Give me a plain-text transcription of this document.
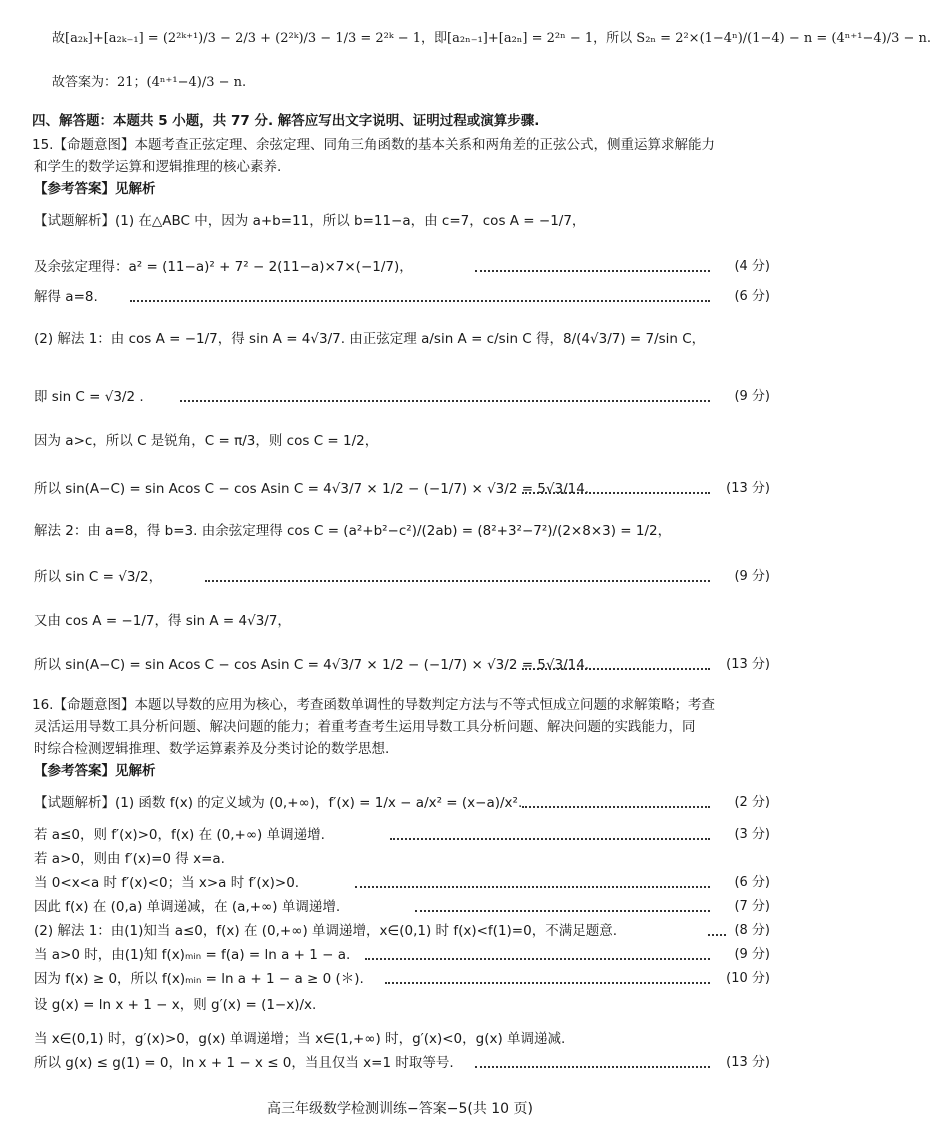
故[a₂ₖ]+[a₂ₖ₋₁] = (2²ᵏ⁺¹)/3 − 2/3 + (2²ᵏ)/3 − 1/3 = 2²ᵏ − 1，即[a₂ₙ₋₁]+[a₂ₙ] = 2²ⁿ − 1，所以 S₂ₙ = 2²×(1−4ⁿ)/(1−4) − n = (4ⁿ⁺¹−4)/3 − n.
故答案为：21；(4ⁿ⁺¹−4)/3 − n.
四、解答题：本题共 5 小题，共 77 分. 解答应写出文字说明、证明过程或演算步骤.
15.【命题意图】本题考查正弦定理、余弦定理、同角三角函数的基本关系和两角差的正弦公式，侧重运算求解能力
和学生的数学运算和逻辑推理的核心素养.
【参考答案】见解析
【试题解析】(1) 在△ABC 中，因为 a+b=11，所以 b=11−a，由 c=7，cos A = −1/7，
及余弦定理得：a² = (11−a)² + 7² − 2(11−a)×7×(−1/7)，	(4 分)
解得 a=8.	(6 分)
(2) 解法 1：由 cos A = −1/7，得 sin A = 4√3/7. 由正弦定理 a/sin A = c/sin C 得，8/(4√3/7) = 7/sin C，
即 sin C = √3/2 .	(9 分)
因为 a>c，所以 C 是锐角，C = π/3，则 cos C = 1/2，
所以 sin(A−C) = sin Acos C − cos Asin C = 4√3/7 × 1/2 − (−1/7) × √3/2 = 5√3/14.	(13 分)
解法 2：由 a=8，得 b=3. 由余弦定理得 cos C = (a²+b²−c²)/(2ab) = (8²+3²−7²)/(2×8×3) = 1/2，
所以 sin C = √3/2，	(9 分)
又由 cos A = −1/7，得 sin A = 4√3/7，
所以 sin(A−C) = sin Acos C − cos Asin C = 4√3/7 × 1/2 − (−1/7) × √3/2 = 5√3/14.	(13 分)
16.【命题意图】本题以导数的应用为核心，考查函数单调性的导数判定方法与不等式恒成立问题的求解策略；考查
灵活运用导数工具分析问题、解决问题的能力；着重考查考生运用导数工具分析问题、解决问题的实践能力，同
时综合检测逻辑推理、数学运算素养及分类讨论的数学思想.
【参考答案】见解析
【试题解析】(1) 函数 f(x) 的定义域为 (0,+∞)，f′(x) = 1/x − a/x² = (x−a)/x².	(2 分)
若 a≤0，则 f′(x)>0，f(x) 在 (0,+∞) 单调递增.	(3 分)
若 a>0，则由 f′(x)=0 得 x=a.
当 0<x<a 时 f′(x)<0；当 x>a 时 f′(x)>0.	(6 分)
因此 f(x) 在 (0,a) 单调递减，在 (a,+∞) 单调递增.	(7 分)
(2) 解法 1：由(1)知当 a≤0，f(x) 在 (0,+∞) 单调递增，x∈(0,1) 时 f(x)<f(1)=0，不满足题意.	(8 分)
当 a>0 时，由(1)知 f(x)ₘᵢₙ = f(a) = ln a + 1 − a.	(9 分)
因为 f(x) ≥ 0，所以 f(x)ₘᵢₙ = ln a + 1 − a ≥ 0 (＊).	(10 分)
设 g(x) = ln x + 1 − x，则 g′(x) = (1−x)/x.
当 x∈(0,1) 时，g′(x)>0，g(x) 单调递增；当 x∈(1,+∞) 时，g′(x)<0，g(x) 单调递减.
所以 g(x) ≤ g(1) = 0，ln x + 1 − x ≤ 0，当且仅当 x=1 时取等号.	(13 分)
高三年级数学检测训练−答案−5(共 10 页)
